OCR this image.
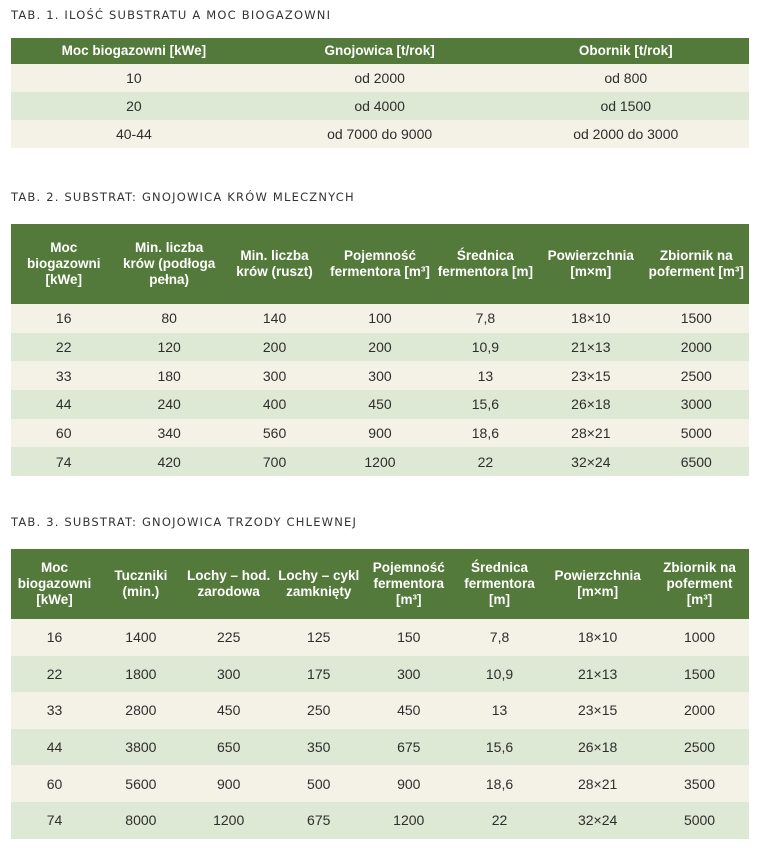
TAB. 1. ILOŚĆ SUBSTRATU A MOC BIOGAZOWNI
Moc biogazowni [kWe]	Gnojowica [t/rok]	Obornik [t/rok]
10	od 2000	od 800
20	od 4000	od 1500
40-44	od 7000 do 9000	od 2000 do 3000
TAB. 2. SUBSTRAT: GNOJOWICA KRÓW MLECZNYCH
Moc biogazowni [kWe]	Min. liczba krów (podłoga pełna)	Min. liczba krów (ruszt)	Pojemność fermentora [m³]	Średnica fermentora [m]	Powierzchnia [m×m]	Zbiornik na poferment [m³]
16	80	140	100	7,8	18×10	1500
22	120	200	200	10,9	21×13	2000
33	180	300	300	13	23×15	2500
44	240	400	450	15,6	26×18	3000
60	340	560	900	18,6	28×21	5000
74	420	700	1200	22	32×24	6500
TAB. 3. SUBSTRAT: GNOJOWICA TRZODY CHLEWNEJ
Moc biogazowni [kWe]	Tuczniki (min.)	Lochy – hod. zarodowa	Lochy – cykl zamknięty	Pojemność fermentora [m³]	Średnica fermentora [m]	Powierzchnia [m×m]	Zbiornik na poferment [m³]
16	1400	225	125	150	7,8	18×10	1000
22	1800	300	175	300	10,9	21×13	1500
33	2800	450	250	450	13	23×15	2000
44	3800	650	350	675	15,6	26×18	2500
60	5600	900	500	900	18,6	28×21	3500
74	8000	1200	675	1200	22	32×24	5000
